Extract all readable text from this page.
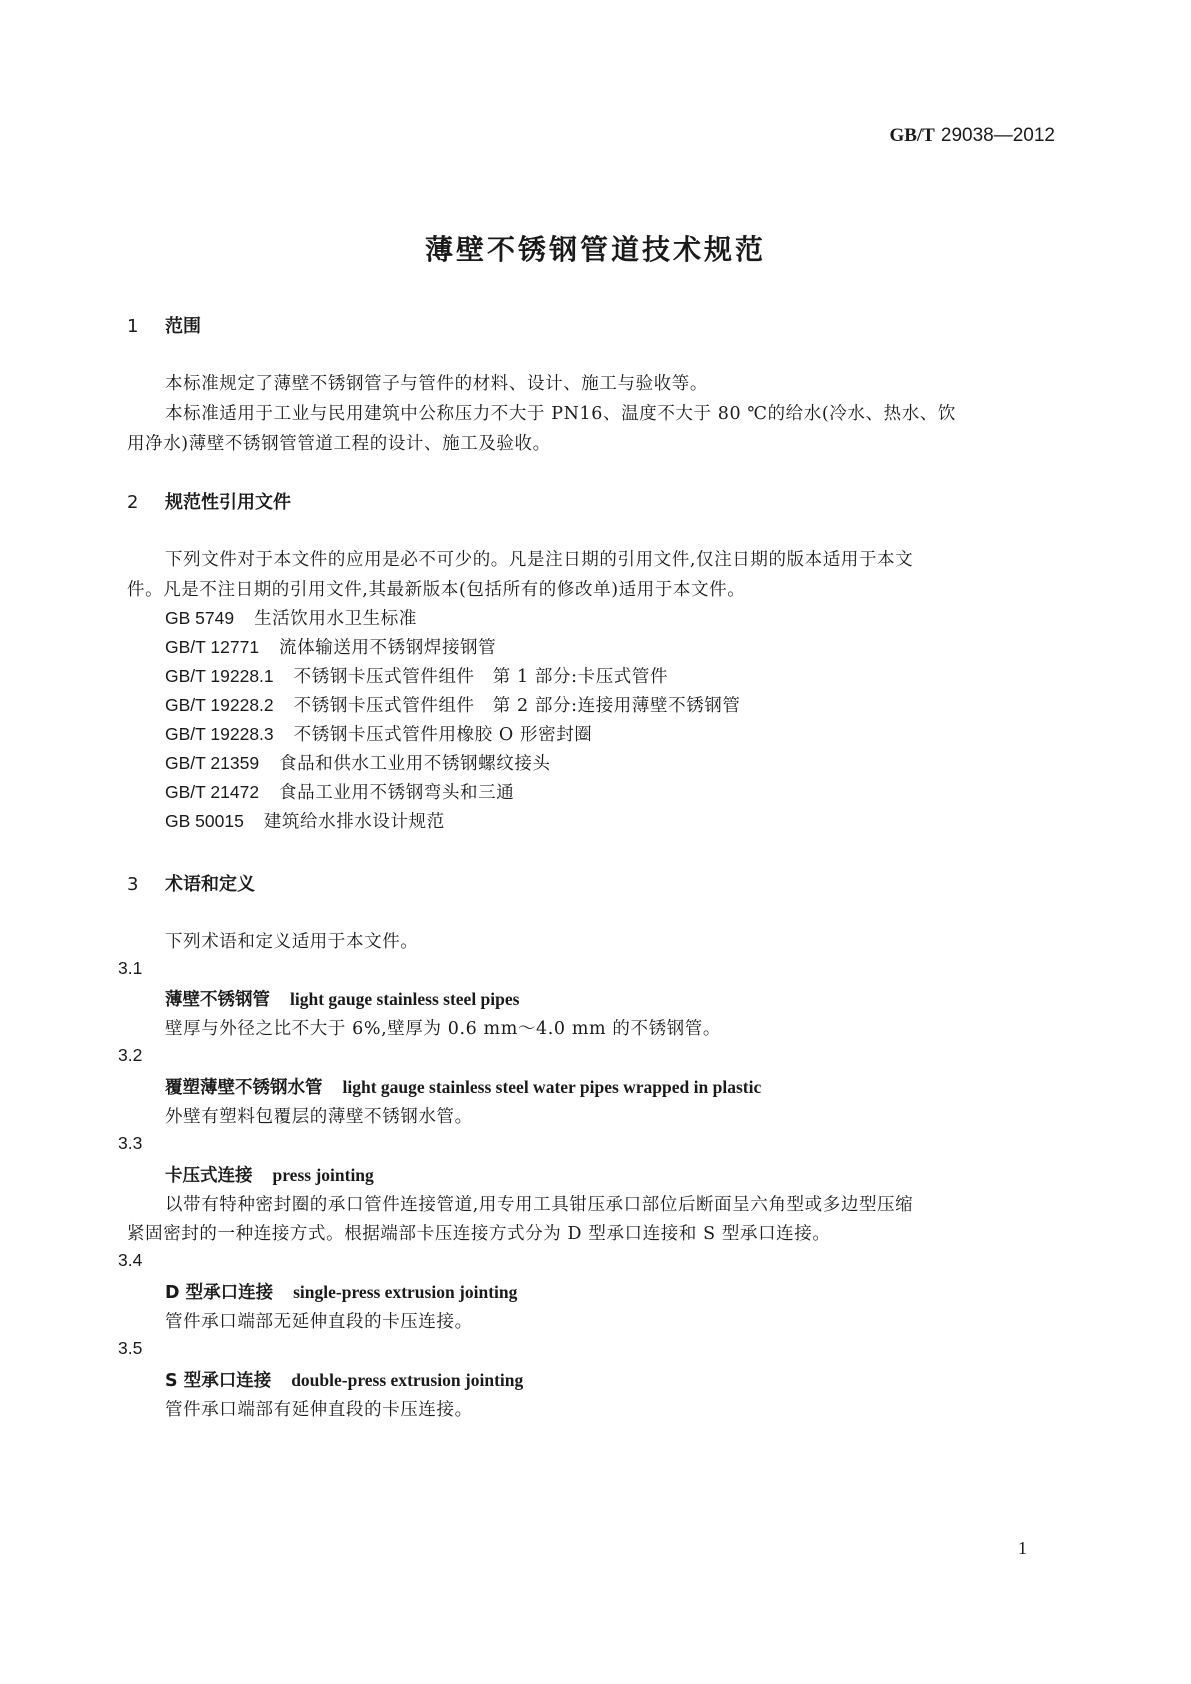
GB/T 29038—2012
薄壁不锈钢管道技术规范
1 范围
本标准规定了薄壁不锈钢管子与管件的材料、设计、施工与验收等。
本标准适用于工业与民用建筑中公称压力不大于 PN16、温度不大于 80 ℃的给水(冷水、热水、饮
用净水)薄壁不锈钢管管道工程的设计、施工及验收。
2 规范性引用文件
下列文件对于本文件的应用是必不可少的。凡是注日期的引用文件,仅注日期的版本适用于本文
件。凡是不注日期的引用文件,其最新版本(包括所有的修改单)适用于本文件。
GB 5749 生活饮用水卫生标准
GB/T 12771 流体输送用不锈钢焊接钢管
GB/T 19228.1 不锈钢卡压式管件组件　第 1 部分:卡压式管件
GB/T 19228.2 不锈钢卡压式管件组件　第 2 部分:连接用薄壁不锈钢管
GB/T 19228.3 不锈钢卡压式管件用橡胶 O 形密封圈
GB/T 21359 食品和供水工业用不锈钢螺纹接头
GB/T 21472 食品工业用不锈钢弯头和三通
GB 50015 建筑给水排水设计规范
3 术语和定义
下列术语和定义适用于本文件。
3.1
薄壁不锈钢管 light gauge stainless steel pipes
壁厚与外径之比不大于 6%,壁厚为 0.6 mm～4.0 mm 的不锈钢管。
3.2
覆塑薄壁不锈钢水管 light gauge stainless steel water pipes wrapped in plastic
外壁有塑料包覆层的薄壁不锈钢水管。
3.3
卡压式连接 press jointing
以带有特种密封圈的承口管件连接管道,用专用工具钳压承口部位后断面呈六角型或多边型压缩
紧固密封的一种连接方式。根据端部卡压连接方式分为 D 型承口连接和 S 型承口连接。
3.4
D 型承口连接 single-press extrusion jointing
管件承口端部无延伸直段的卡压连接。
3.5
S 型承口连接 double-press extrusion jointing
管件承口端部有延伸直段的卡压连接。
1
